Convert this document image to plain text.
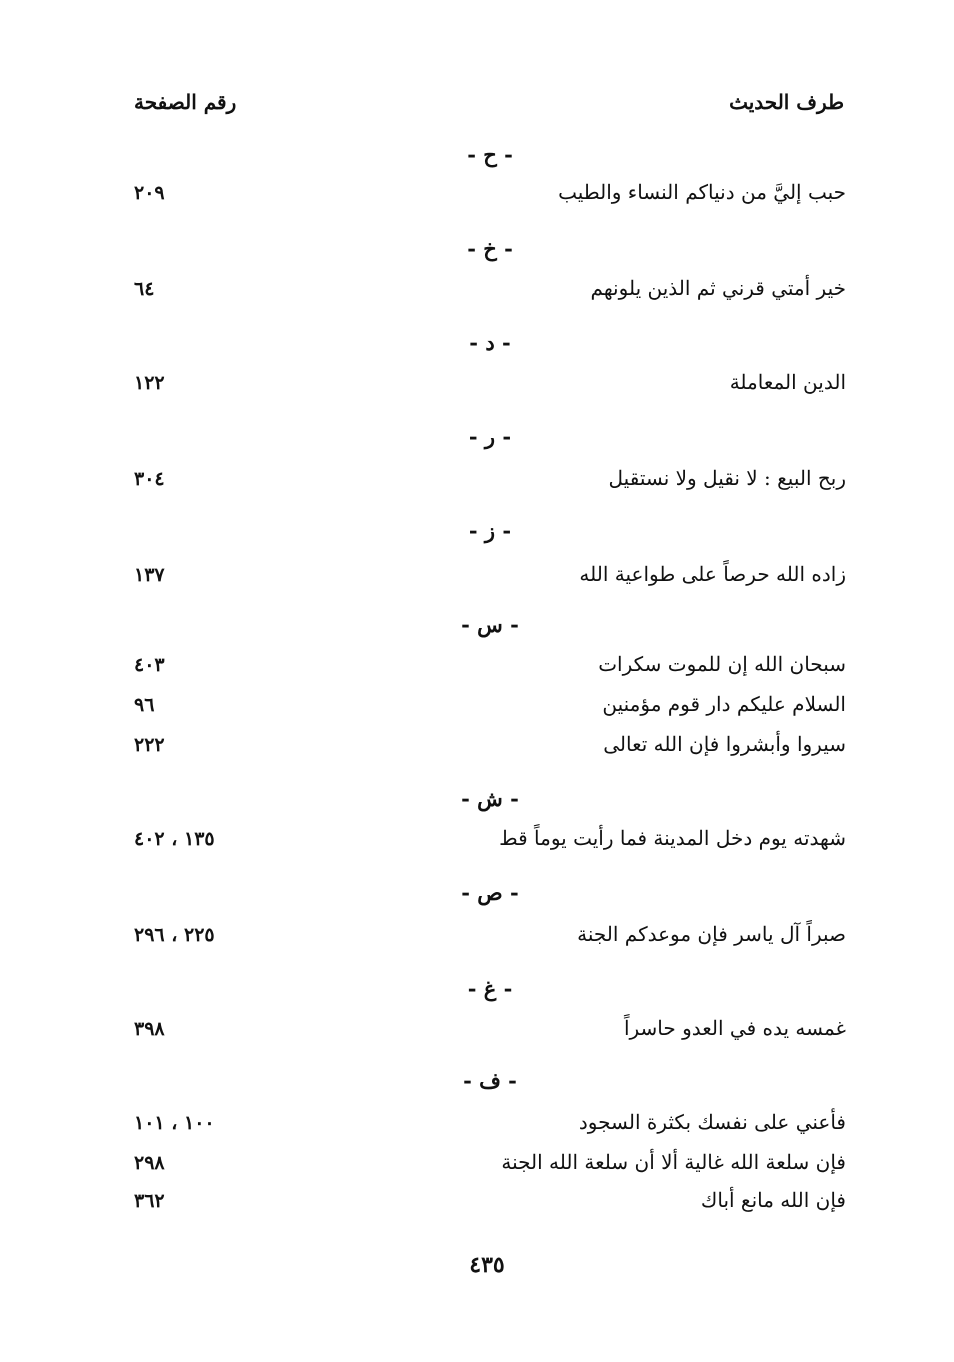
طرف الحديث
رقم الصفحة
- ح -
حبب إليَّ من دنياكم النساء والطيب
٢٠٩
- خ -
خير أمتي قرني ثم الذين يلونهم
٦٤
- د -
الدين المعاملة
١٢٢
- ر -
ربح البيع : لا نقيل ولا نستقيل
٣٠٤
- ز -
زاده الله حرصاً على طواعية الله
١٣٧
- س -
سبحان الله إن للموت سكرات
٤٠٣
السلام عليكم دار قوم مؤمنين
٩٦
سيروا وأبشروا فإن الله تعالى
٢٢٢
- ش -
شهدته يوم دخل المدينة فما رأيت يوماً قط
١٣٥ ، ٤٠٢
- ص -
صبراً آل ياسر فإن موعدكم الجنة
٢٢٥ ، ٢٩٦
- غ -
غمسه يده في العدو حاسراً
٣٩٨
- ف -
فأعني على نفسك بكثرة السجود
١٠٠ ، ١٠١
فإن سلعة الله غالية ألا أن سلعة الله الجنة
٢٩٨
فإن الله مانع أباك
٣٦٢
٤٣٥
